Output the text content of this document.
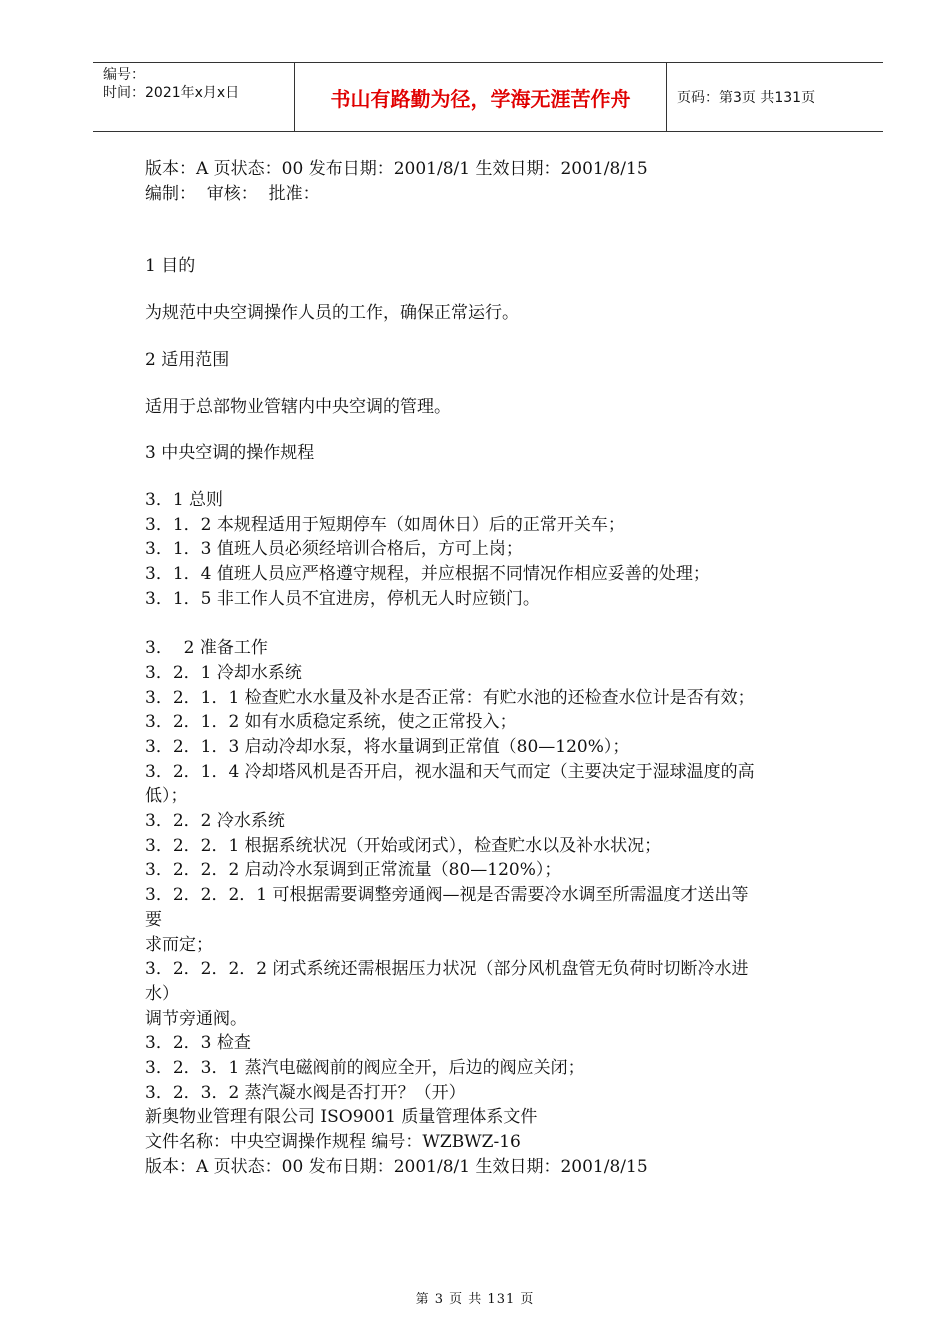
编号：
时间：2021年x月x日	书山有路勤为径，学海无涯苦作舟	页码：第3页 共131页

版本：A 页状态：00 发布日期：2001/8/1 生效日期：2001/8/15

编制：  审核：  批准：

1 目的

为规范中央空调操作人员的工作，确保正常运行。

2 适用范围

适用于总部物业管辖内中央空调的管理。

3 中央空调的操作规程

3．1 总则

3．1．2 本规程适用于短期停车（如周休日）后的正常开关车；

3．1．3 值班人员必须经培训合格后，方可上岗；

3．1．4 值班人员应严格遵守规程，并应根据不同情况作相应妥善的处理；

3．1．5 非工作人员不宜进房，停机无人时应锁门。

3．  2 准备工作

3．2．1 冷却水系统

3．2．1．1 检查贮水水量及补水是否正常：有贮水池的还检查水位计是否有效；

3．2．1．2 如有水质稳定系统，使之正常投入；

3．2．1．3 启动冷却水泵，将水量调到正常值（80—120%）；

3．2．1．4 冷却塔风机是否开启，视水温和天气而定（主要决定于湿球温度的高

低）；

3．2．2 冷水系统

3．2．2．1 根据系统状况（开始或闭式），检查贮水以及补水状况；

3．2．2．2 启动冷水泵调到正常流量（80—120%）；

3．2．2．2．1 可根据需要调整旁通阀—视是否需要冷水调至所需温度才送出等

要

求而定；

3．2．2．2．2 闭式系统还需根据压力状况（部分风机盘管无负荷时切断冷水进

水）

调节旁通阀。

3．2．3 检查

3．2．3．1 蒸汽电磁阀前的阀应全开，后边的阀应关闭；

3．2．3．2 蒸汽凝水阀是否打开？（开）

新奥物业管理有限公司 ISO9001 质量管理体系文件

文件名称：中央空调操作规程 编号：WZBWZ-16

版本：A 页状态：00 发布日期：2001/8/1 生效日期：2001/8/15

第 3 页 共 131 页
